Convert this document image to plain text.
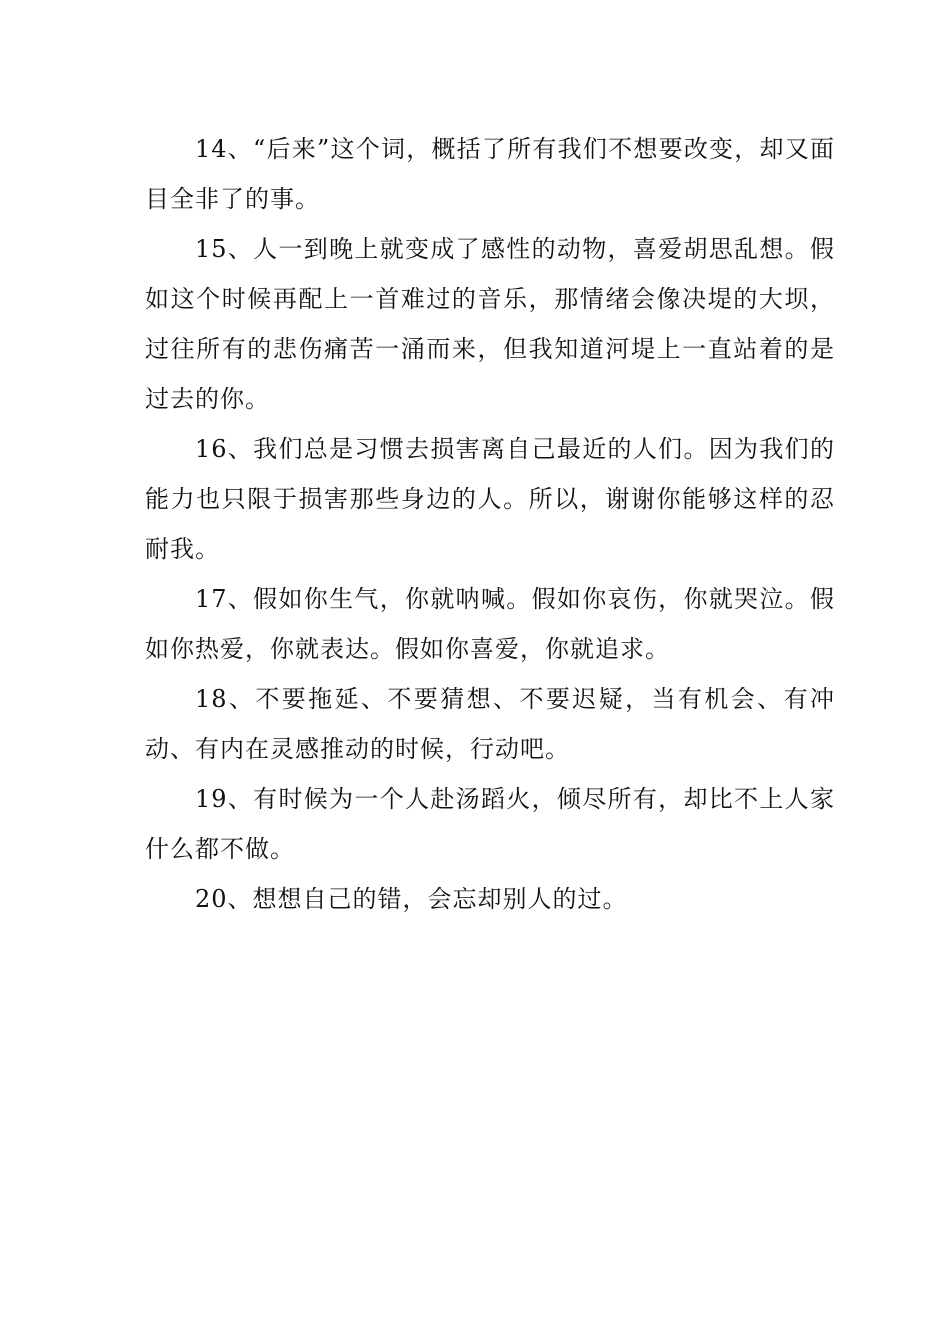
14、“后来”这个词，概括了所有我们不想要改变，却又面目全非了的事。

15、人一到晚上就变成了感性的动物，喜爱胡思乱想。假如这个时候再配上一首难过的音乐，那情绪会像决堤的大坝，过往所有的悲伤痛苦一涌而来，但我知道河堤上一直站着的是过去的你。

16、我们总是习惯去损害离自己最近的人们。因为我们的能力也只限于损害那些身边的人。所以，谢谢你能够这样的忍耐我。

17、假如你生气，你就呐喊。假如你哀伤，你就哭泣。假如你热爱，你就表达。假如你喜爱，你就追求。

18、不要拖延、不要猜想、不要迟疑，当有机会、有冲动、有内在灵感推动的时候，行动吧。

19、有时候为一个人赴汤蹈火，倾尽所有，却比不上人家什么都不做。

20、想想自己的错，会忘却别人的过。
